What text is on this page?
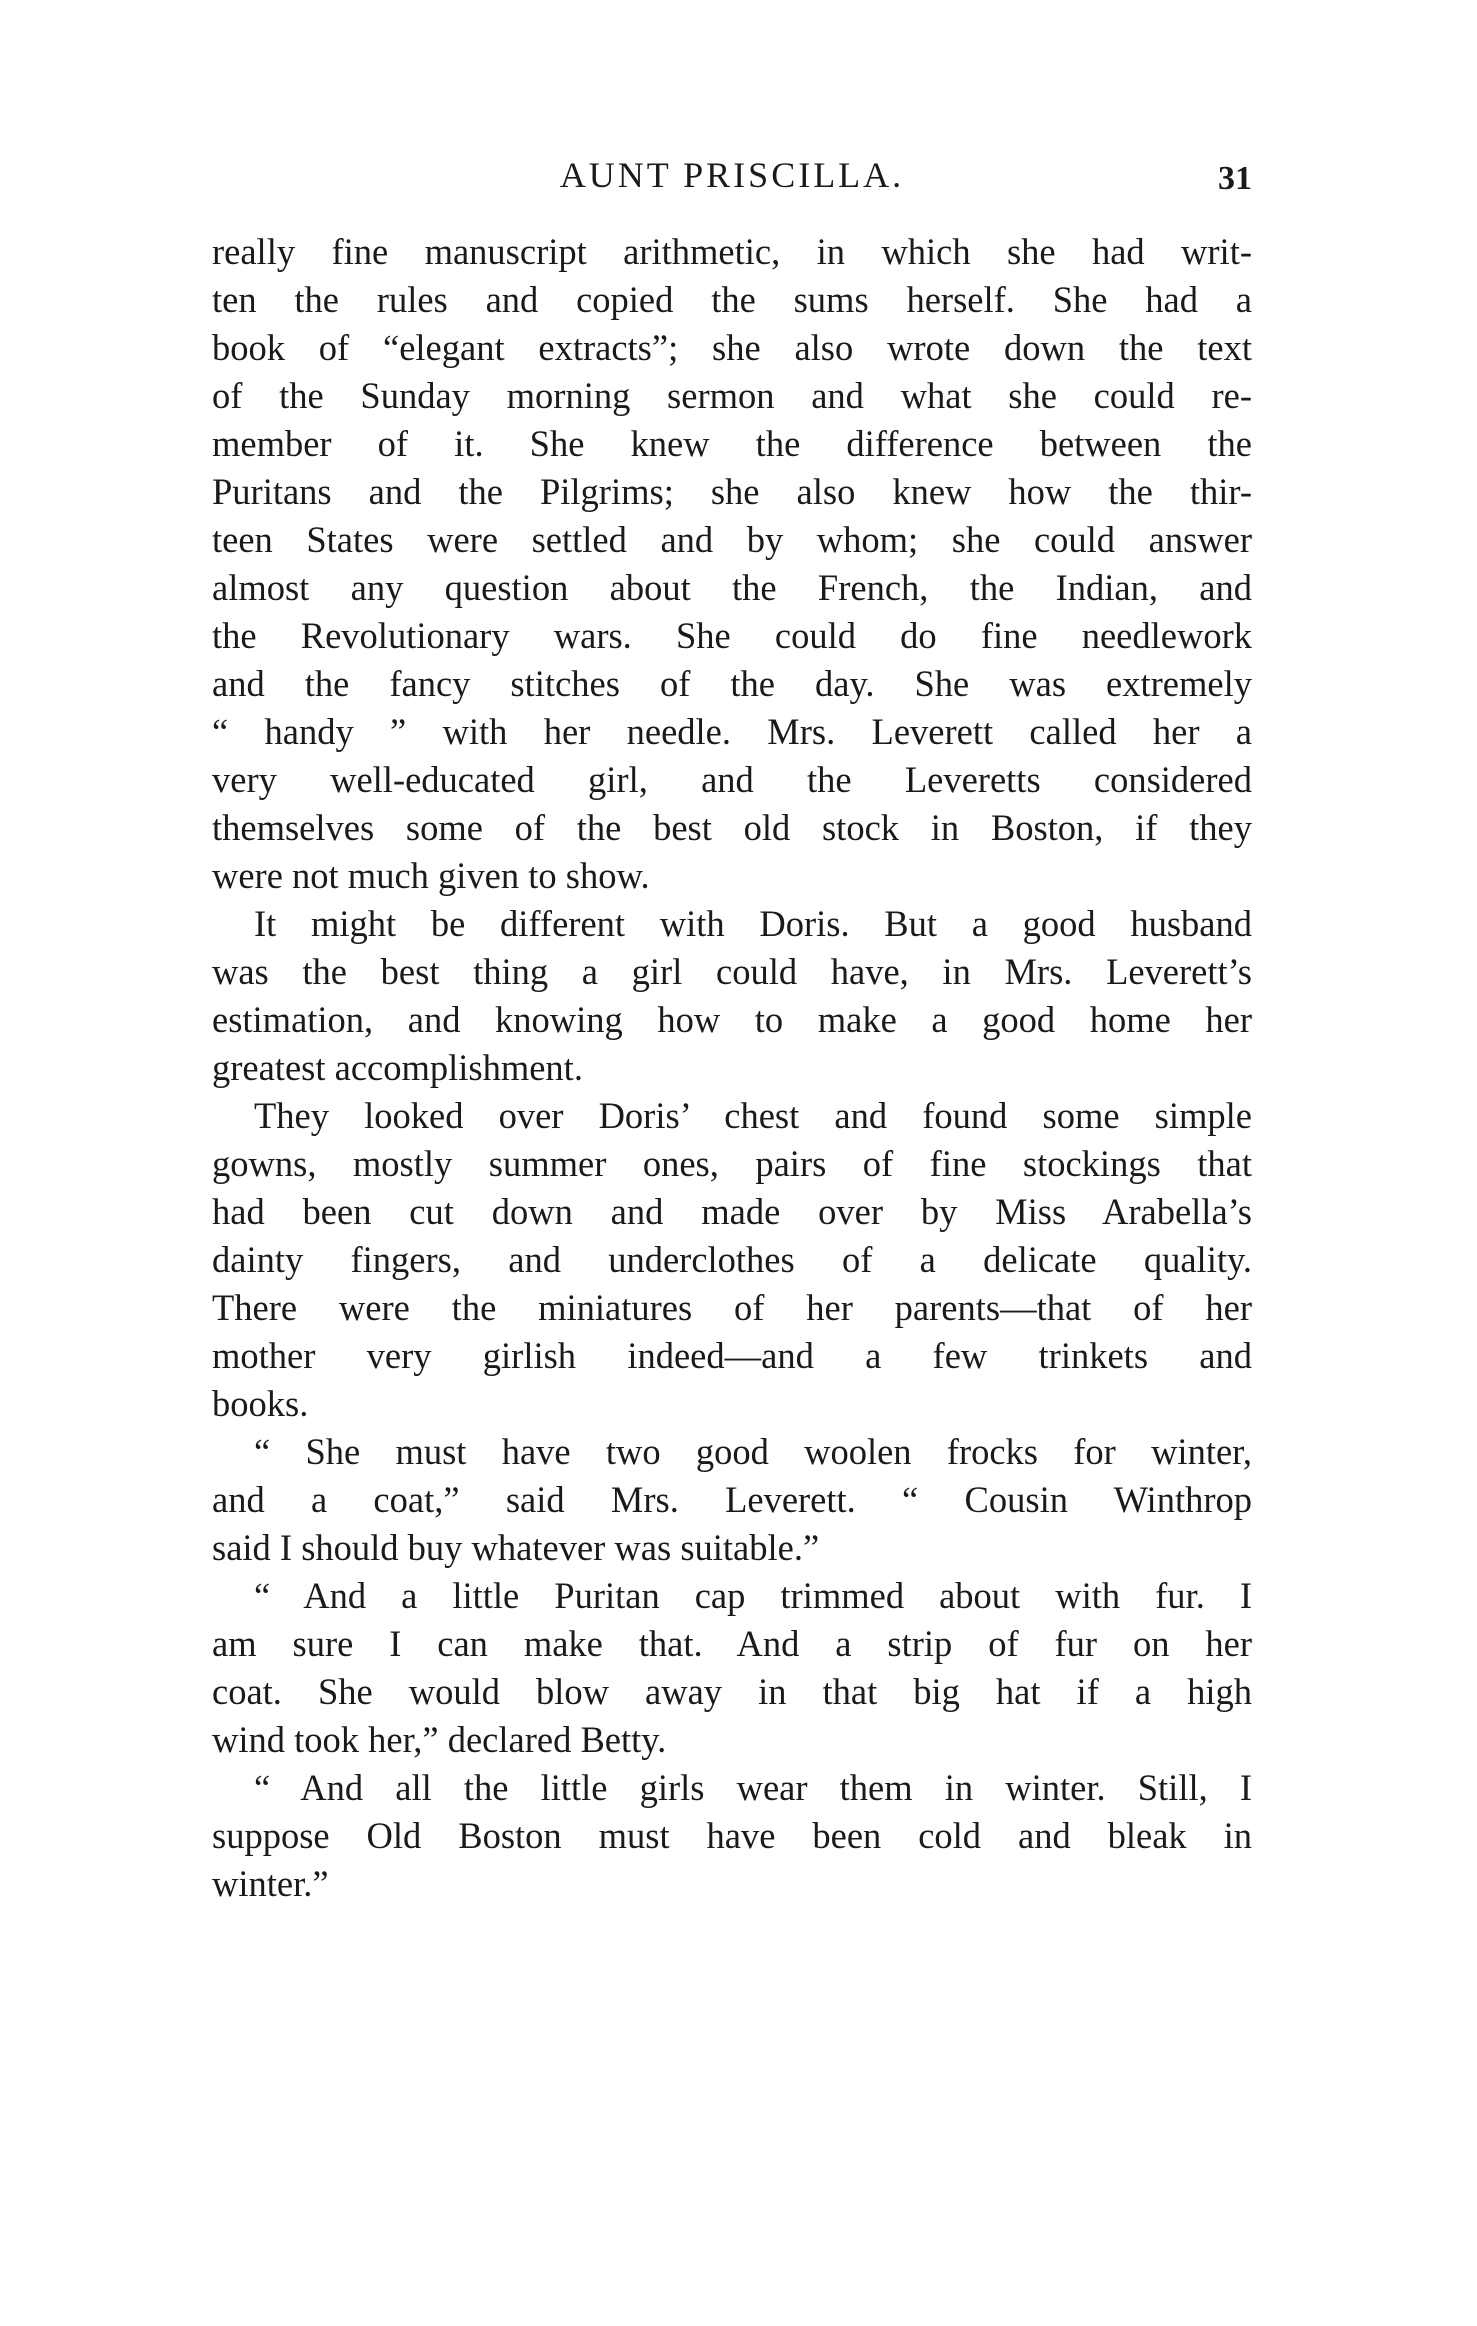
AUNT PRISCILLA.	31
really fine manuscript arithmetic, in which she had writ-
ten the rules and copied the sums herself. She had a
book of “elegant extracts”; she also wrote down the text
of the Sunday morning sermon and what she could re-
member of it. She knew the difference between the
Puritans and the Pilgrims; she also knew how the thir-
teen States were settled and by whom; she could answer
almost any question about the French, the Indian, and
the Revolutionary wars. She could do fine needlework
and the fancy stitches of the day. She was extremely
“ handy ” with her needle. Mrs. Leverett called her a
very well-educated girl, and the Leveretts considered
themselves some of the best old stock in Boston, if they
were not much given to show.
It might be different with Doris. But a good husband
was the best thing a girl could have, in Mrs. Leverett’s
estimation, and knowing how to make a good home her
greatest accomplishment.
They looked over Doris’ chest and found some simple
gowns, mostly summer ones, pairs of fine stockings that
had been cut down and made over by Miss Arabella’s
dainty fingers, and underclothes of a delicate quality.
There were the miniatures of her parents—that of her
mother very girlish indeed—and a few trinkets and
books.
“ She must have two good woolen frocks for winter,
and a coat,” said Mrs. Leverett. “ Cousin Winthrop
said I should buy whatever was suitable.”
“ And a little Puritan cap trimmed about with fur. I
am sure I can make that. And a strip of fur on her
coat. She would blow away in that big hat if a high
wind took her,” declared Betty.
“ And all the little girls wear them in winter. Still, I
suppose Old Boston must have been cold and bleak in
winter.”
